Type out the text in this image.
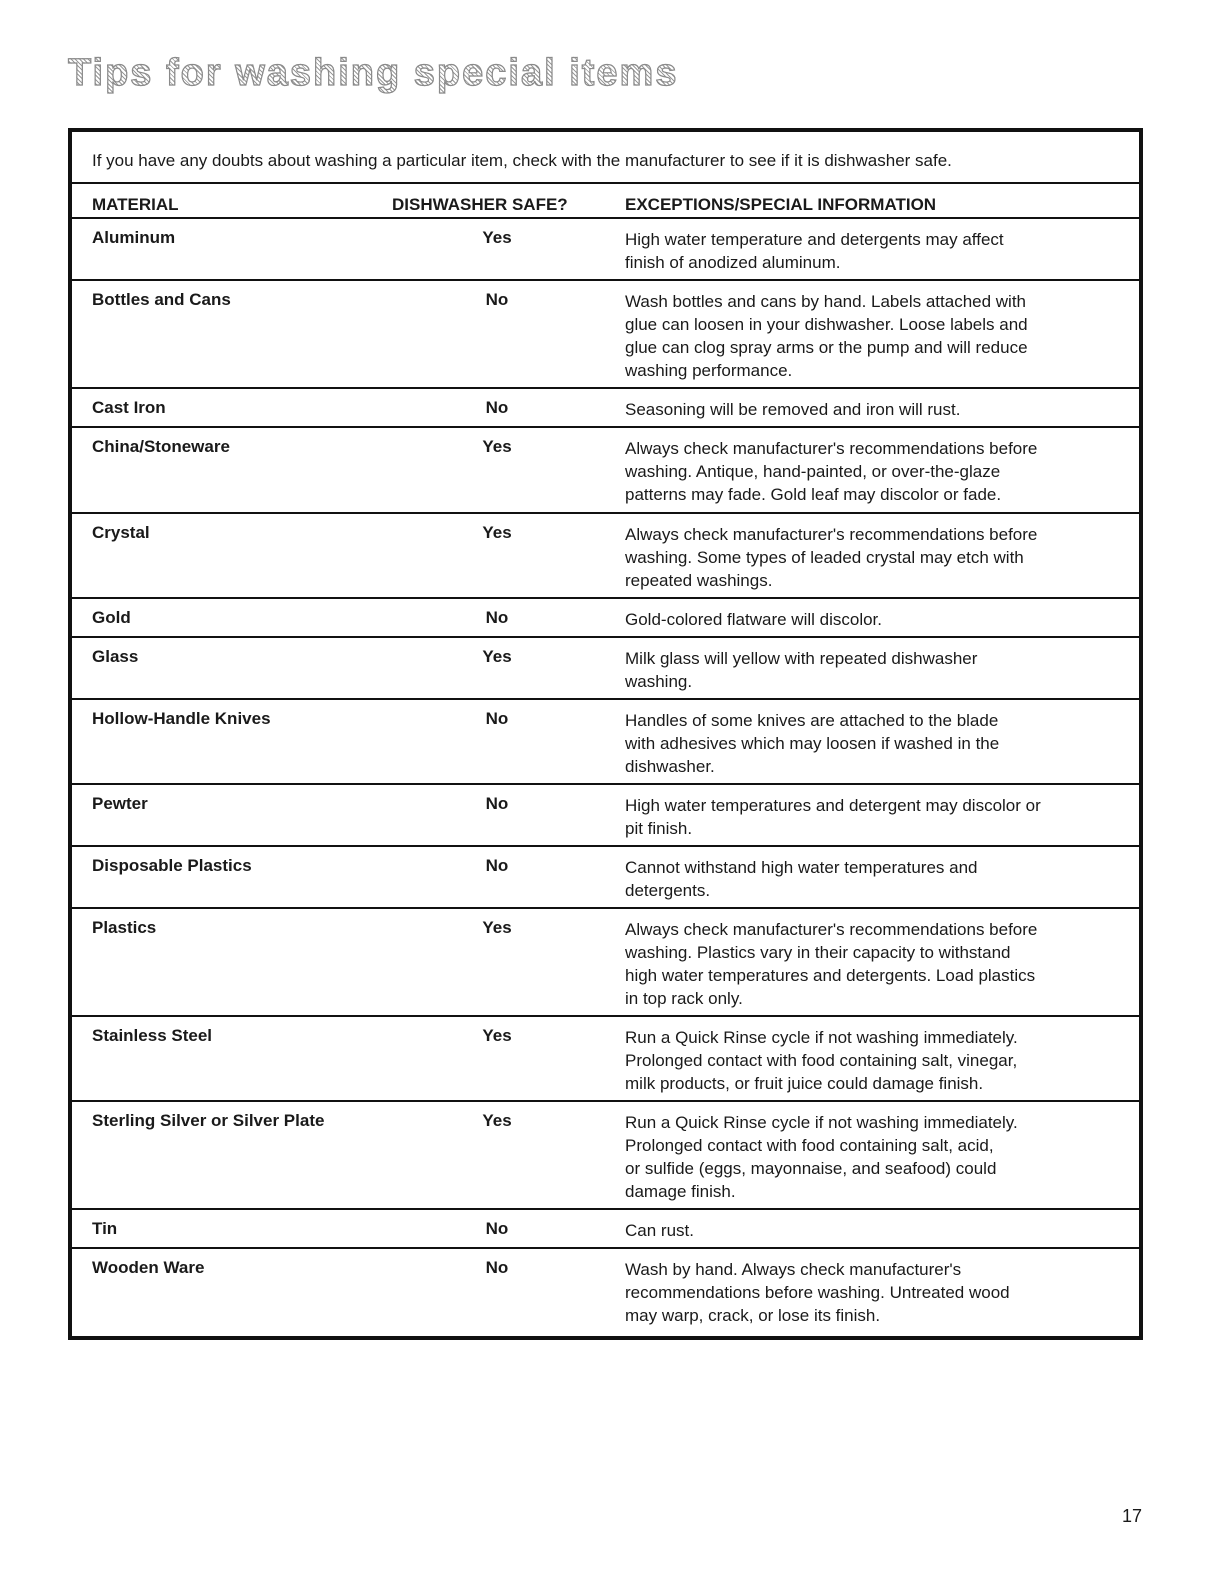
Tips for washing special items
If you have any doubts about washing a particular item, check with the manufacturer to see if it is dishwasher safe.
MATERIAL	DISHWASHER SAFE?	EXCEPTIONS/SPECIAL INFORMATION
Aluminum	Yes	High water temperature and detergents may affect
finish of anodized aluminum.
Bottles and Cans	No	Wash bottles and cans by hand. Labels attached with
glue can loosen in your dishwasher. Loose labels and
glue can clog spray arms or the pump and will reduce
washing performance.
Cast Iron	No	Seasoning will be removed and iron will rust.
China/Stoneware	Yes	Always check manufacturer's recommendations before
washing. Antique, hand-painted, or over-the-glaze
patterns may fade. Gold leaf may discolor or fade.
Crystal	Yes	Always check manufacturer's recommendations before
washing. Some types of leaded crystal may etch with
repeated washings.
Gold	No	Gold-colored flatware will discolor.
Glass	Yes	Milk glass will yellow with repeated dishwasher
washing.
Hollow-Handle Knives	No	Handles of some knives are attached to the blade
with adhesives which may loosen if washed in the
dishwasher.
Pewter	No	High water temperatures and detergent may discolor or
pit finish.
Disposable Plastics	No	Cannot withstand high water temperatures and
detergents.
Plastics	Yes	Always check manufacturer's recommendations before
washing. Plastics vary in their capacity to withstand
high water temperatures and detergents. Load plastics
in top rack only.
Stainless Steel	Yes	Run a Quick Rinse cycle if not washing immediately.
Prolonged contact with food containing salt, vinegar,
milk products, or fruit juice could damage finish.
Sterling Silver or Silver Plate	Yes	Run a Quick Rinse cycle if not washing immediately.
Prolonged contact with food containing salt, acid,
or sulfide (eggs, mayonnaise, and seafood) could
damage finish.
Tin	No	Can rust.
Wooden Ware	No	Wash by hand. Always check manufacturer's
recommendations before washing. Untreated wood
may warp, crack, or lose its finish.
17
